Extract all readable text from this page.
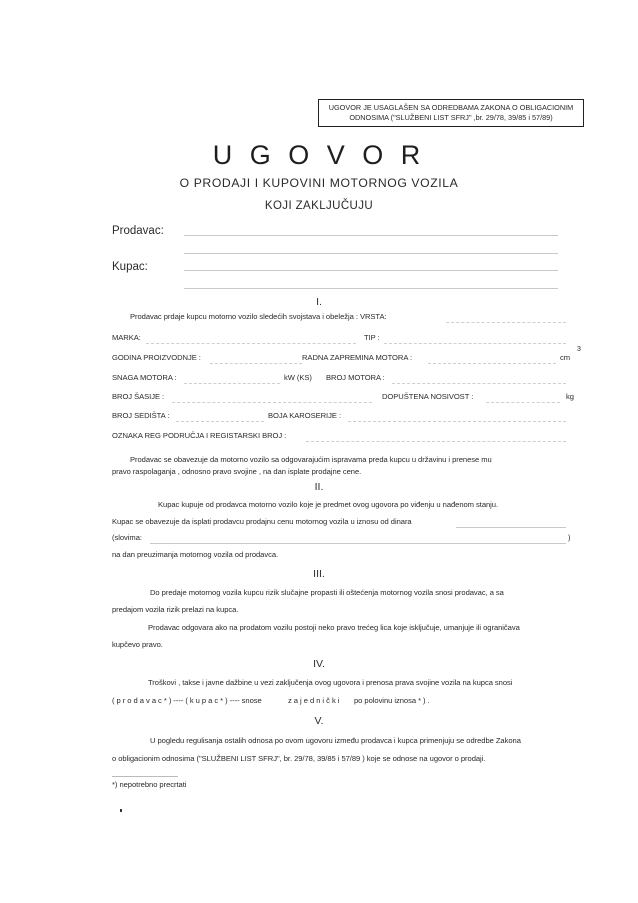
UGOVOR JE USAGLAŠEN SA ODREDBAMA ZAKONA O OBLIGACIONIM
ODNOSIMA ("SLUŽBENI LIST SFRJ" ,br. 29/78, 39/85 i 57/89)
U G O V O R
O PRODAJI I KUPOVINI MOTORNOG VOZILA
KOJI ZAKLJUČUJU
Prodavac:
Kupac:
I.
Prodavac prdaje kupcu motorno vozilo sledećih svojstava i obeležja : VRSTA:
MARKA:	TIP :
GODINA PROIZVODNJE :	RADNA ZAPREMINA MOTORA :	cm
3
SNAGA MOTORA :	kW (KS) BROJ MOTORA :
BROJ ŠASIJE :	DOPUŠTENA NOSIVOST :	kg
BROJ SEDIŠTA :	BOJA KAROSERIJE :
OZNAKA REG PODRUČJA I REGISTARSKI BROJ :
Prodavac se obavezuje da motorno vozilo sa odgovarajućim ispravama preda kupcu u državinu i prenese mu
pravo raspolaganja , odnosno pravo svojine , na dan isplate prodajne cene.
II.
Kupac kupuje od prodavca motorno vozilo koje je predmet ovog ugovora po viđenju u nađenom stanju.
Kupac se obavezuje da isplati prodavcu prodajnu cenu motornog vozila u iznosu od dinara
(slovima:	)
na dan preuzimanja motornog vozila od prodavca.
III.
Do predaje motornog vozila kupcu rizik slučajne propasti ili oštećenja motornog vozila snosi prodavac, a sa
predajom vozila rizik prelazi na kupca.
Prodavac odgovara ako na prodatom vozilu postoji neko pravo trećeg lica koje isključuje, umanjuje ili ograničava
kupčevo pravo.
IV.
Troškovi , takse i javne dažbine u vezi zaključenja ovog ugovora i prenosa prava svojine vozila na kupca snosi
( p r o d a v a c * ) ---- ( k u p a c * ) ---- snose	z a j e d n i č k i po polovinu iznosa * ) .
V.
U pogledu regulisanja ostalih odnosa po ovom ugovoru između prodavca i kupca primenjuju se odredbe Zakona
o obligacionim odnosima ("SLUŽBENI LIST SFRJ", br. 29/78, 39/85 i 57/89 ) koje se odnose na ugovor o prodaji.
*) nepotrebno precrtati
